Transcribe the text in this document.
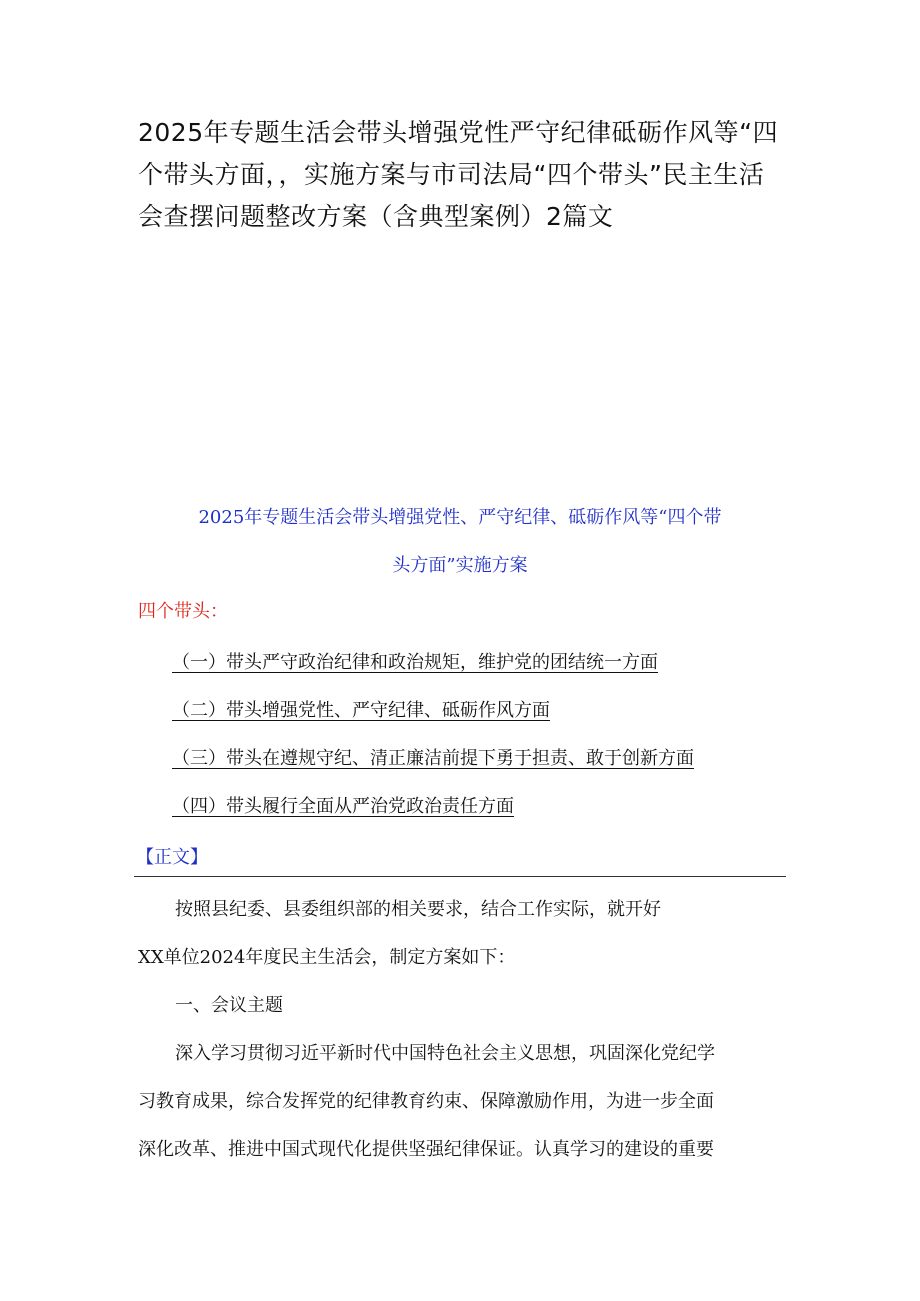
2025年专题生活会带头增强党性严守纪律砥砺作风等“四
个带头方面，，实施方案与市司法局“四个带头”民主生活
会查摆问题整改方案（含典型案例）2篇文
2025年专题生活会带头增强党性、严守纪律、砥砺作风等“四个带
头方面”实施方案
四个带头：
（一）带头严守政治纪律和政治规矩，维护党的团结统一方面
（二）带头增强党性、严守纪律、砥砺作风方面
（三）带头在遵规守纪、清正廉洁前提下勇于担责、敢于创新方面
（四）带头履行全面从严治党政治责任方面
【正文】
按照县纪委、县委组织部的相关要求，结合工作实际，就开好
XX单位2024年度民主生活会，制定方案如下：
一、会议主题
深入学习贯彻习近平新时代中国特色社会主义思想，巩固深化党纪学
习教育成果，综合发挥党的纪律教育约束、保障激励作用，为进一步全面
深化改革、推进中国式现代化提供坚强纪律保证。认真学习的建设的重要
